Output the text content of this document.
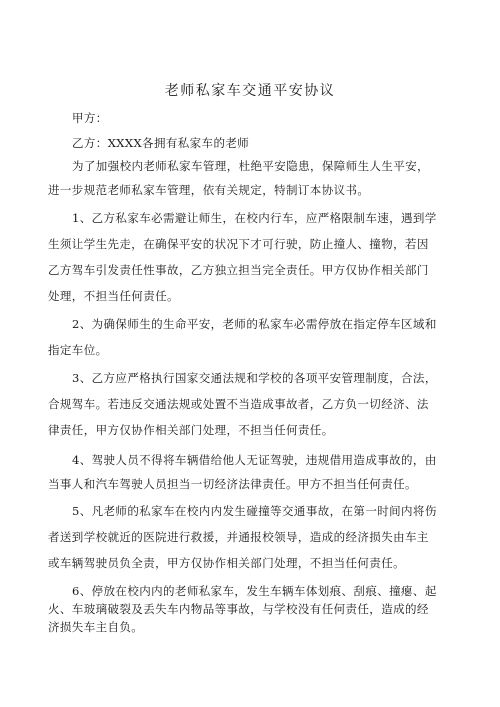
老师私家车交通平安协议
甲方：
乙方：XXXX各拥有私家车的老师
为了加强校内老师私家车管理，杜绝平安隐患，保障师生人生平安，
进一步规范老师私家车管理，依有关规定，特制订本协议书。
1、乙方私家车必需避让师生，在校内行车，应严格限制车速，遇到学
生须让学生先走，在确保平安的状况下才可行驶，防止撞人、撞物，若因
乙方驾车引发责任性事故，乙方独立担当完全责任。甲方仅协作相关部门
处理，不担当任何责任。
2、为确保师生的生命平安，老师的私家车必需停放在指定停车区域和
指定车位。
3、乙方应严格执行国家交通法规和学校的各项平安管理制度，合法，
合规驾车。若违反交通法规或处置不当造成事故者，乙方负一切经济、法
律责任，甲方仅协作相关部门处理，不担当任何责任。
4、驾驶人员不得将车辆借给他人无证驾驶，违规借用造成事故的，由
当事人和汽车驾驶人员担当一切经济法律责任。甲方不担当任何责任。
5、凡老师的私家车在校内内发生碰撞等交通事故，在第一时间内将伤
者送到学校就近的医院进行救援，并通报校领导，造成的经济损失由车主
或车辆驾驶员负全责，甲方仅协作相关部门处理，不担当任何责任。
6、停放在校内内的老师私家车，发生车辆车体划痕、刮痕、撞瘪、起
火、车玻璃破裂及丢失车内物品等事故，与学校没有任何责任，造成的经
济损失车主自负。
